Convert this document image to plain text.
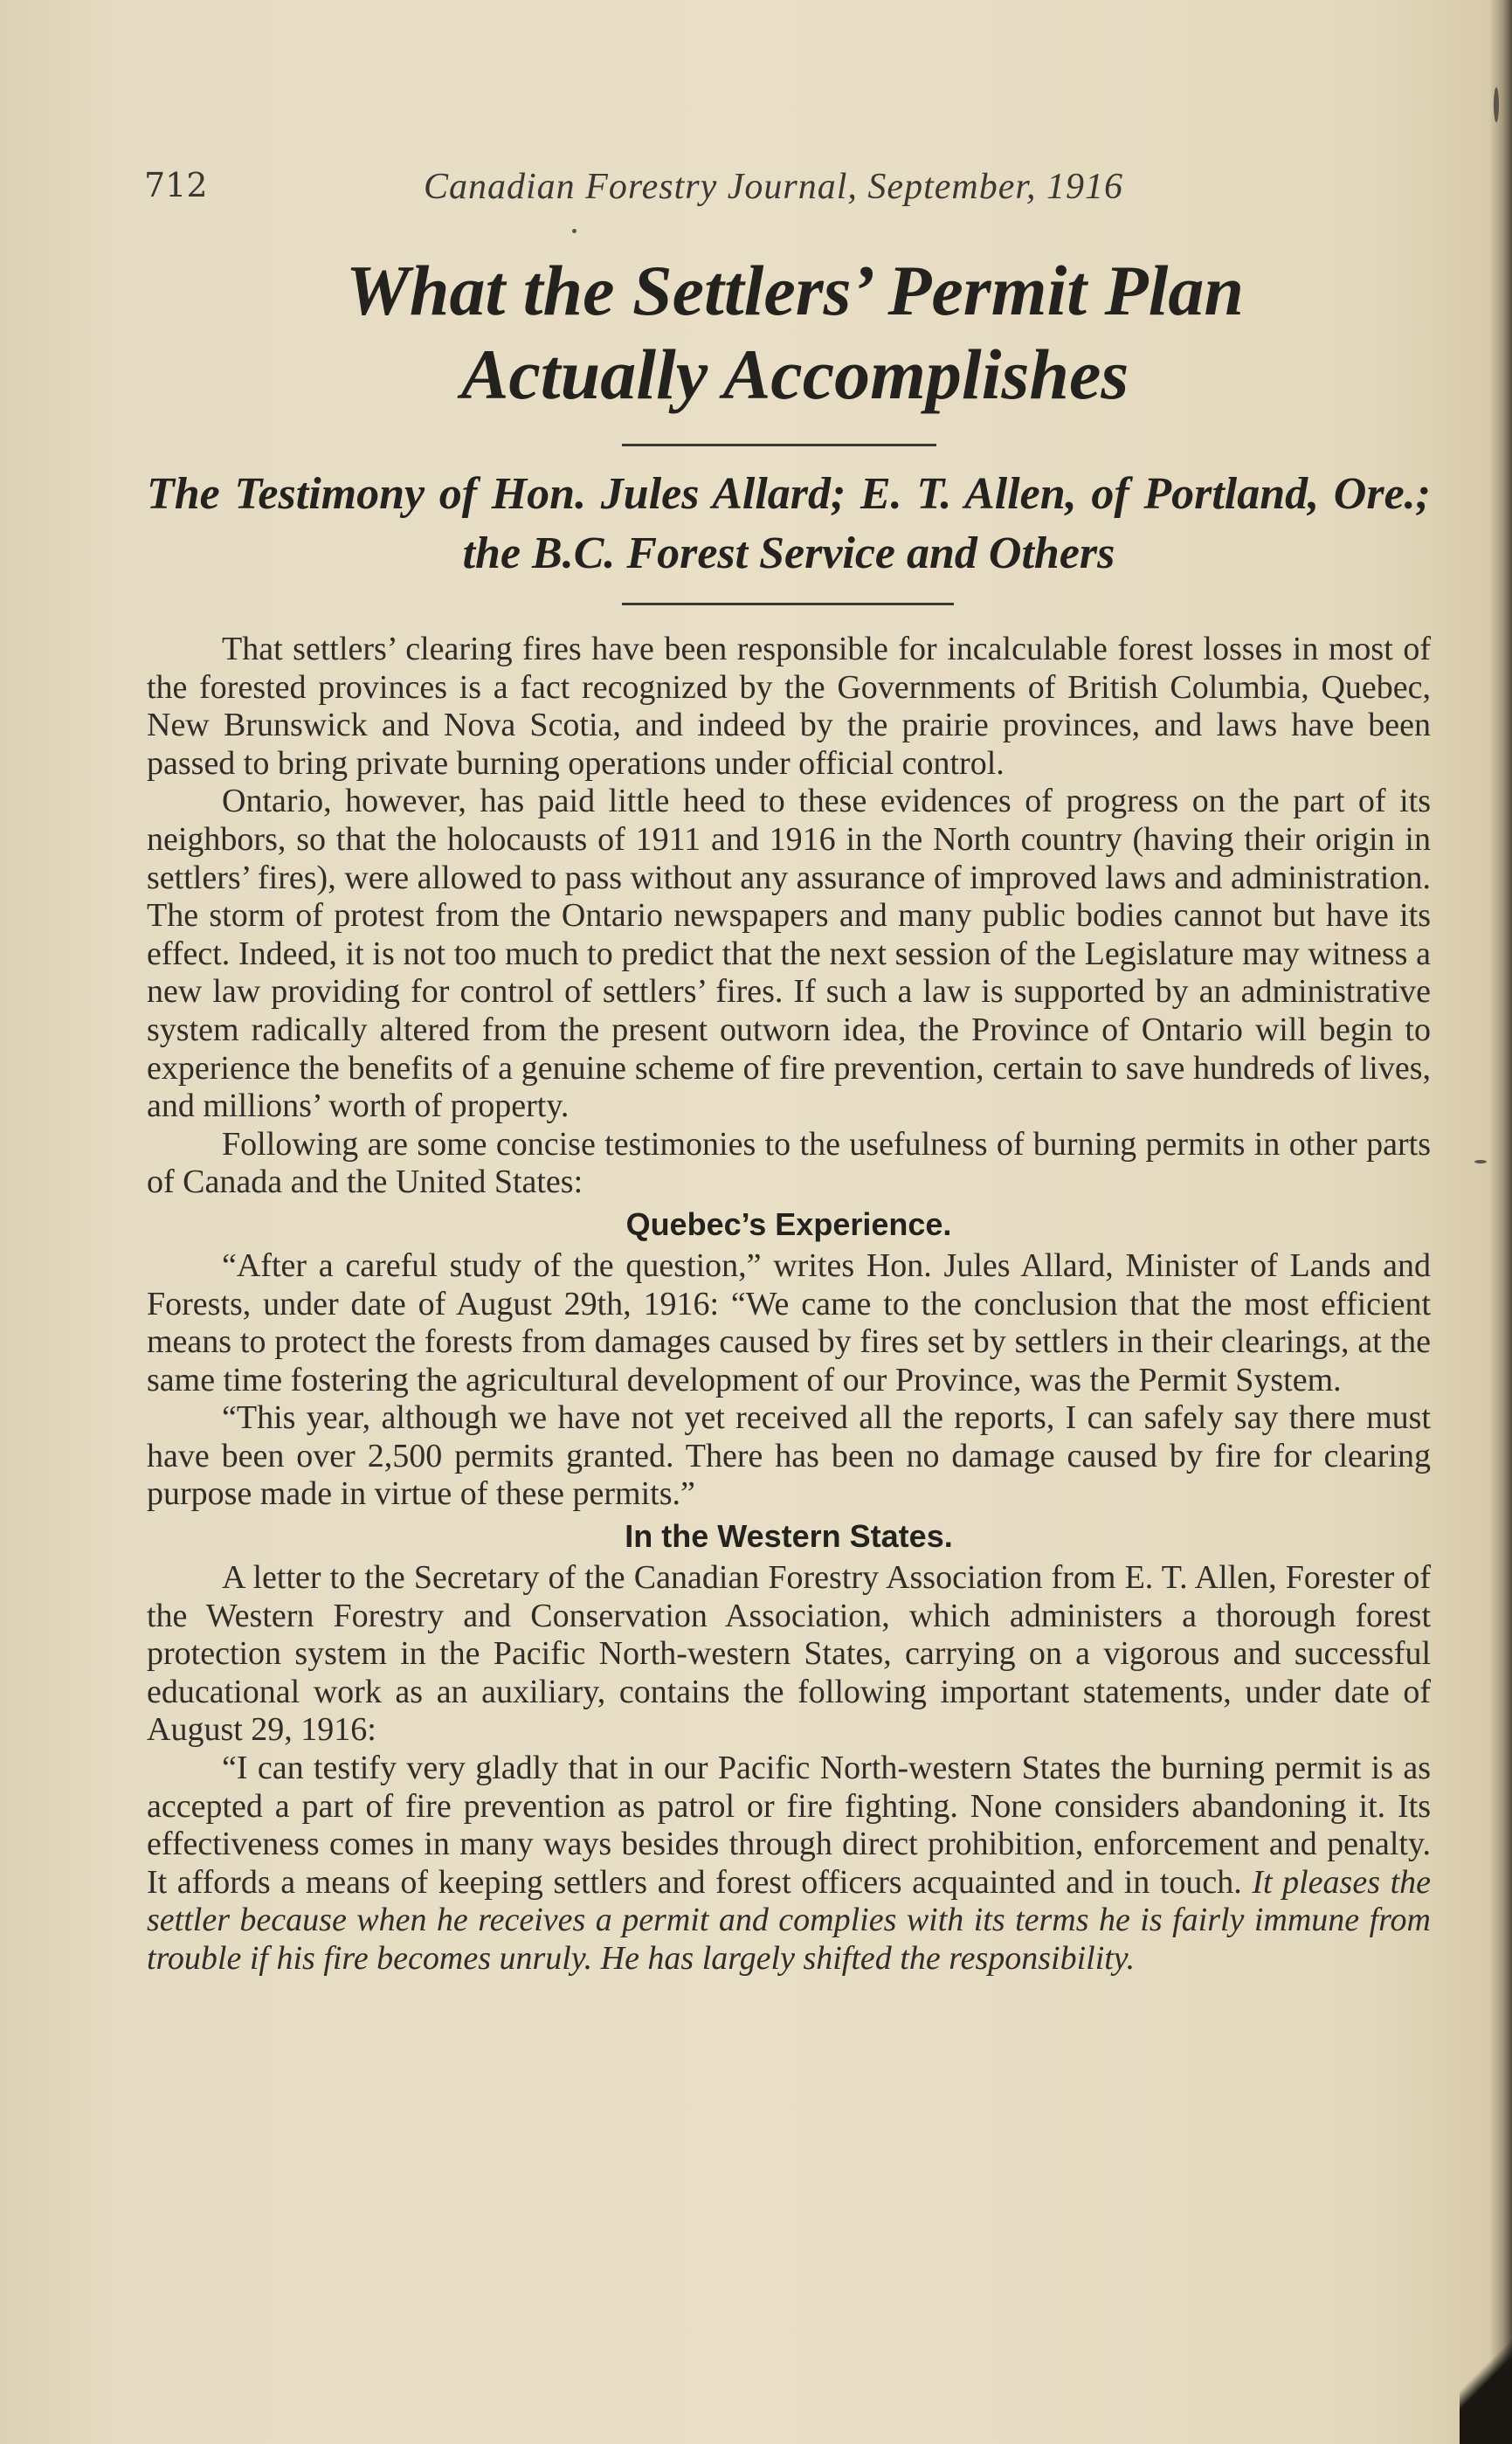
712	Canadian Forestry Journal, September, 1916
What the Settlers’ Permit Plan
Actually Accomplishes
The Testimony of Hon. Jules Allard; E. T. Allen, of Portland, Ore.; the B.C. Forest Service and Others

That settlers’ clearing fires have been responsible for incalculable forest losses in most of the forested provinces is a fact recognized by the Governments of British Columbia, Quebec, New Brunswick and Nova Scotia, and indeed by the prairie provinces, and laws have been passed to bring private burning operations under official control.

Ontario, however, has paid little heed to these evidences of progress on the part of its neighbors, so that the holocausts of 1911 and 1916 in the North country (having their origin in settlers’ fires), were allowed to pass without any assurance of improved laws and administration. The storm of protest from the Ontario newspapers and many public bodies cannot but have its effect. Indeed, it is not too much to predict that the next session of the Legislature may witness a new law providing for control of settlers’ fires. If such a law is supported by an administrative system radically altered from the present outworn idea, the Province of Ontario will begin to experience the benefits of a genuine scheme of fire prevention, certain to save hundreds of lives, and millions’ worth of property.

Following are some concise testimonies to the usefulness of burning permits in other parts of Canada and the United States:

Quebec’s Experience.

“After a careful study of the question,” writes Hon. Jules Allard, Minister of Lands and Forests, under date of August 29th, 1916: “We came to the conclusion that the most efficient means to protect the forests from damages caused by fires set by settlers in their clearings, at the same time fostering the agricultural development of our Province, was the Permit System.

“This year, although we have not yet received all the reports, I can safely say there must have been over 2,500 permits granted. There has been no damage caused by fire for clearing purpose made in virtue of these permits.”

In the Western States.

A letter to the Secretary of the Canadian Forestry Association from E. T. Allen, Forester of the Western Forestry and Conservation Association, which administers a thorough forest protection system in the Pacific North-western States, carrying on a vigorous and successful educational work as an auxiliary, contains the following important statements, under date of August 29, 1916:

“I can testify very gladly that in our Pacific North-western States the burning permit is as accepted a part of fire prevention as patrol or fire fighting. None considers abandoning it. Its effectiveness comes in many ways besides through direct prohibition, enforcement and penalty. It affords a means of keeping settlers and forest officers acquainted and in touch. It pleases the settler because when he receives a permit and complies with its terms he is fairly immune from trouble if his fire becomes unruly. He has largely shifted the responsibility.
